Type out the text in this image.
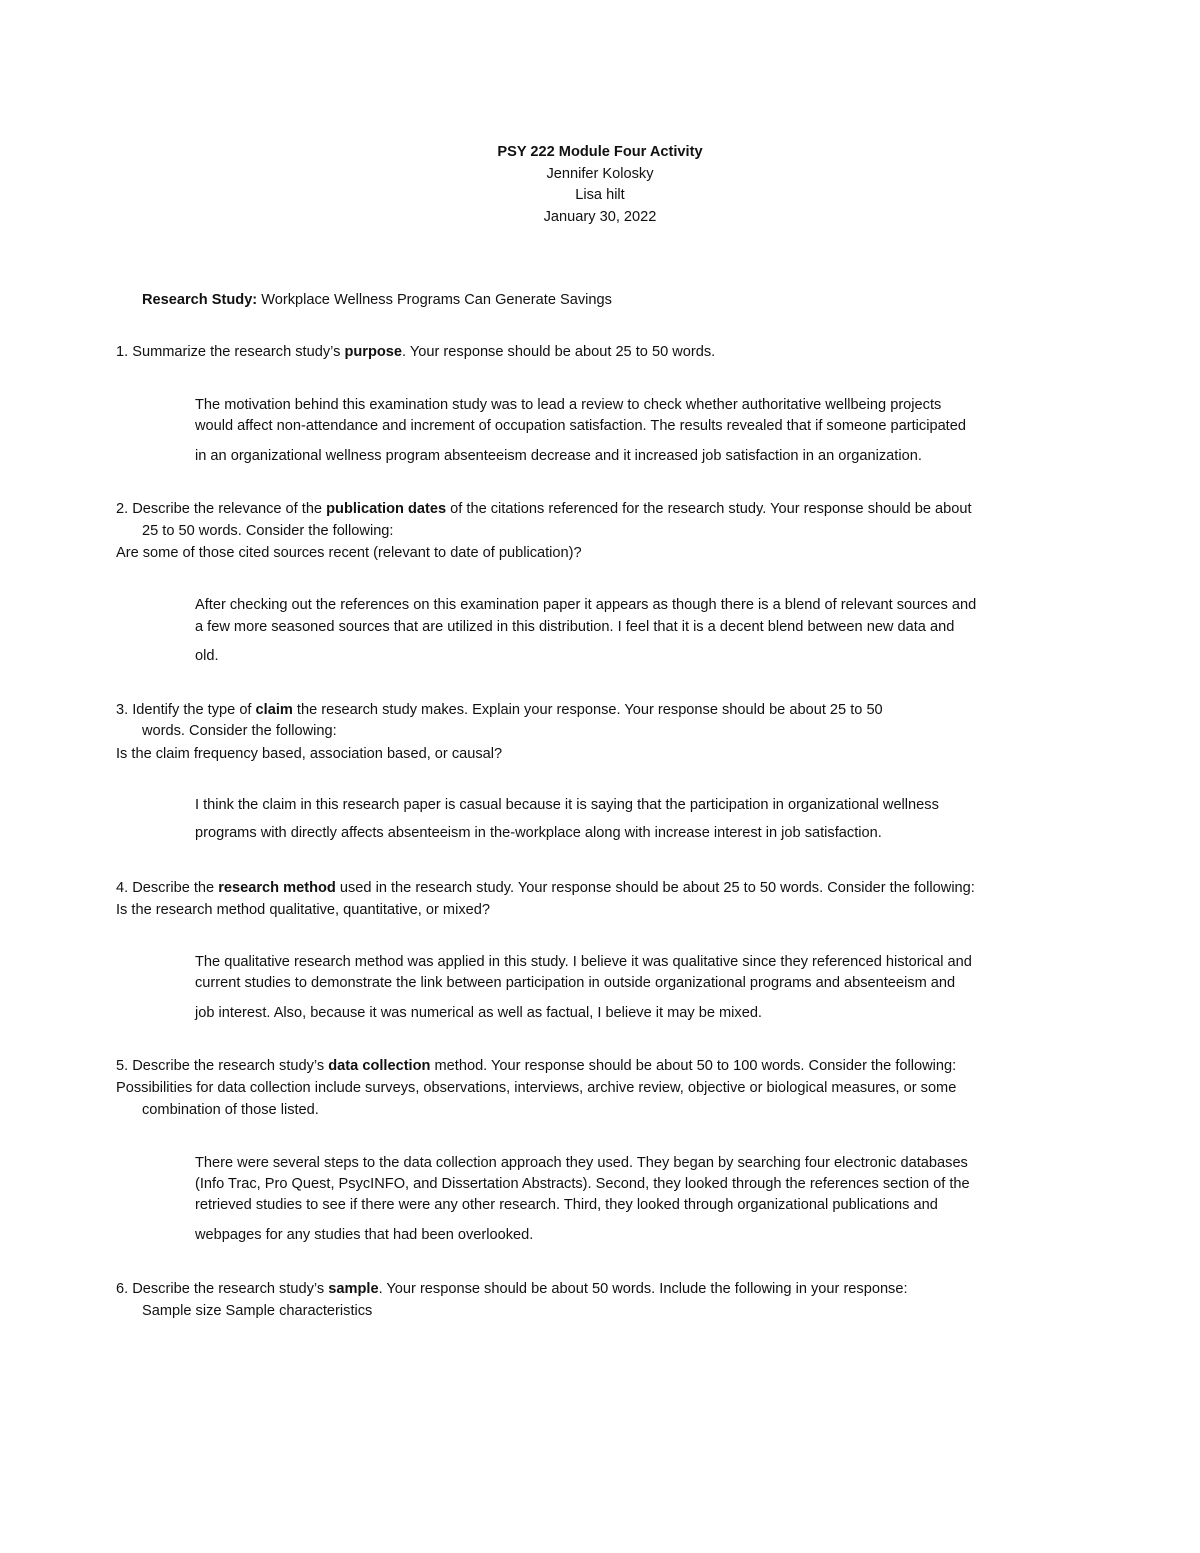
PSY 222 Module Four Activity

Jennifer Kolosky

Lisa hilt

January 30, 2022

Research Study: Workplace Wellness Programs Can Generate Savings

1. Summarize the research study’s purpose. Your response should be about 25 to 50 words.

The motivation behind this examination study was to lead a review to check whether authoritative wellbeing projects

would affect non-attendance and increment of occupation satisfaction. The results revealed that if someone participated

in an organizational wellness program absenteeism decrease and it increased job satisfaction in an organization.

2. Describe the relevance of the publication dates of the citations referenced for the research study. Your response should be about

25 to 50 words. Consider the following:

Are some of those cited sources recent (relevant to date of publication)?

After checking out the references on this examination paper it appears as though there is a blend of relevant sources and

a few more seasoned sources that are utilized in this distribution. I feel that it is a decent blend between new data and

old.

3. Identify the type of claim the research study makes. Explain your response. Your response should be about 25 to 50

words. Consider the following:

Is the claim frequency based, association based, or causal?

I think the claim in this research paper is casual because it is saying that the participation in organizational wellness

programs with directly affects absenteeism in the-workplace along with increase interest in job satisfaction.

4. Describe the research method used in the research study. Your response should be about 25 to 50 words. Consider the following:

Is the research method qualitative, quantitative, or mixed?

The qualitative research method was applied in this study. I believe it was qualitative since they referenced historical and

current studies to demonstrate the link between participation in outside organizational programs and absenteeism and

job interest. Also, because it was numerical as well as factual, I believe it may be mixed.

5. Describe the research study’s data collection method. Your response should be about 50 to 100 words. Consider the following:

Possibilities for data collection include surveys, observations, interviews, archive review, objective or biological measures, or some

combination of those listed.

There were several steps to the data collection approach they used. They began by searching four electronic databases

(Info Trac, Pro Quest, PsycINFO, and Dissertation Abstracts). Second, they looked through the references section of the

retrieved studies to see if there were any other research. Third, they looked through organizational publications and

webpages for any studies that had been overlooked.

6. Describe the research study’s sample. Your response should be about 50 words. Include the following in your response:

Sample size Sample characteristics
